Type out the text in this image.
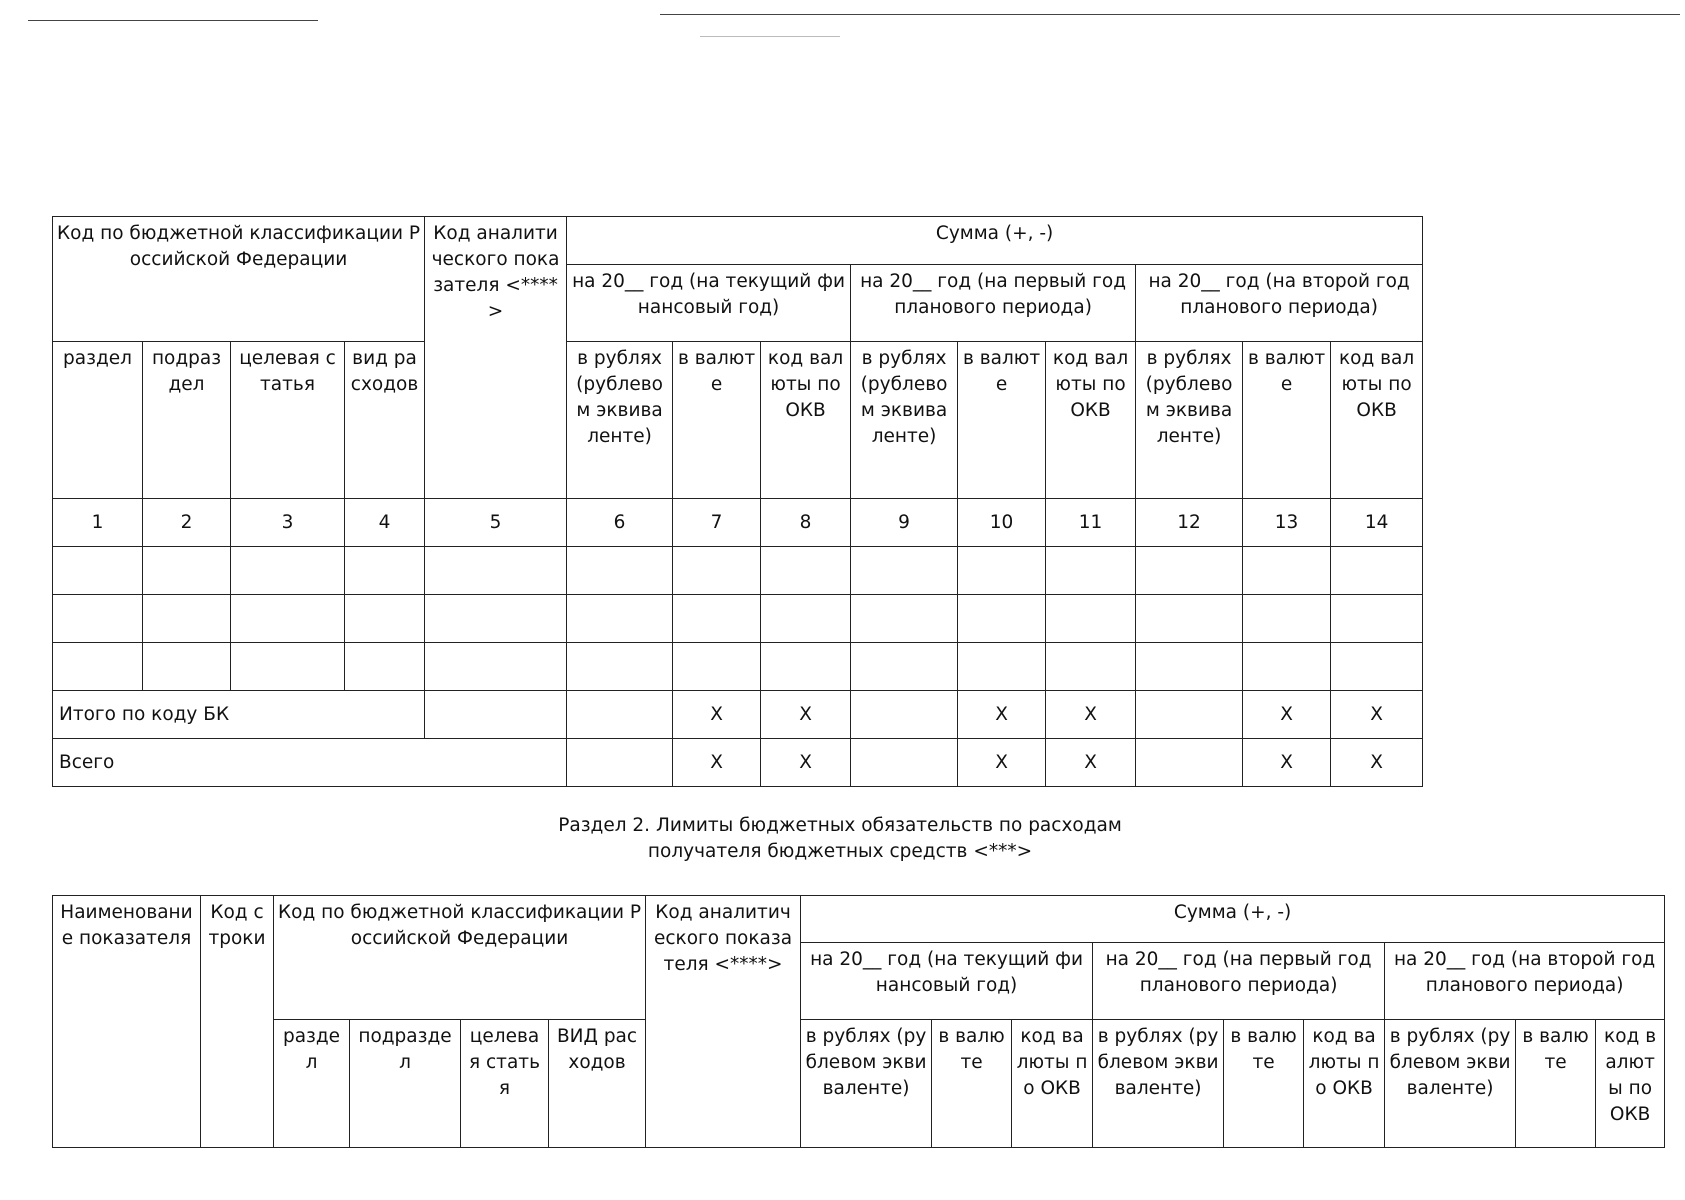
Код по бюджетной классификации Российской Федерации				Код аналитического показателя <****>	Сумма (+, -)								
					на 20__ год (на текущий финансовый год)			на 20__ год (на первый год планового периода)			на 20__ год (на второй год планового периода)		
раздел	подраздел	целевая статья	вид расходов		в рублях (рублевом эквиваленте)	в валюте	код валюты по ОКВ	в рублях (рублевом эквиваленте)	в валюте	код валюты по ОКВ	в рублях (рублевом эквиваленте)	в валюте	код валюты по ОКВ
1	2	3	4	5	6	7	8	9	10	11	12	13	14

Итого по коду БК						X	X		X	X		X	X
Всего						X	X		X	X		X	X
Раздел 2. Лимиты бюджетных обязательств по расходам
получателя бюджетных средств <***>
Наименование показателя	Код строки	Код по бюджетной классификации Российской Федерации				Код аналитического показателя <****>	Сумма (+, -)								
							на 20__ год (на текущий финансовый год)			на 20__ год (на первый год планового периода)			на 20__ год (на второй год планового периода)		
		раздел	подраздел	целевая статья	ВИД расходов		в рублях (рублевом эквиваленте)	в валюте	код валюты по ОКВ	в рублях (рублевом эквиваленте)	в валюте	код валюты по ОКВ	в рублях (рублевом эквиваленте)	в валюте	код валюты по ОКВ
